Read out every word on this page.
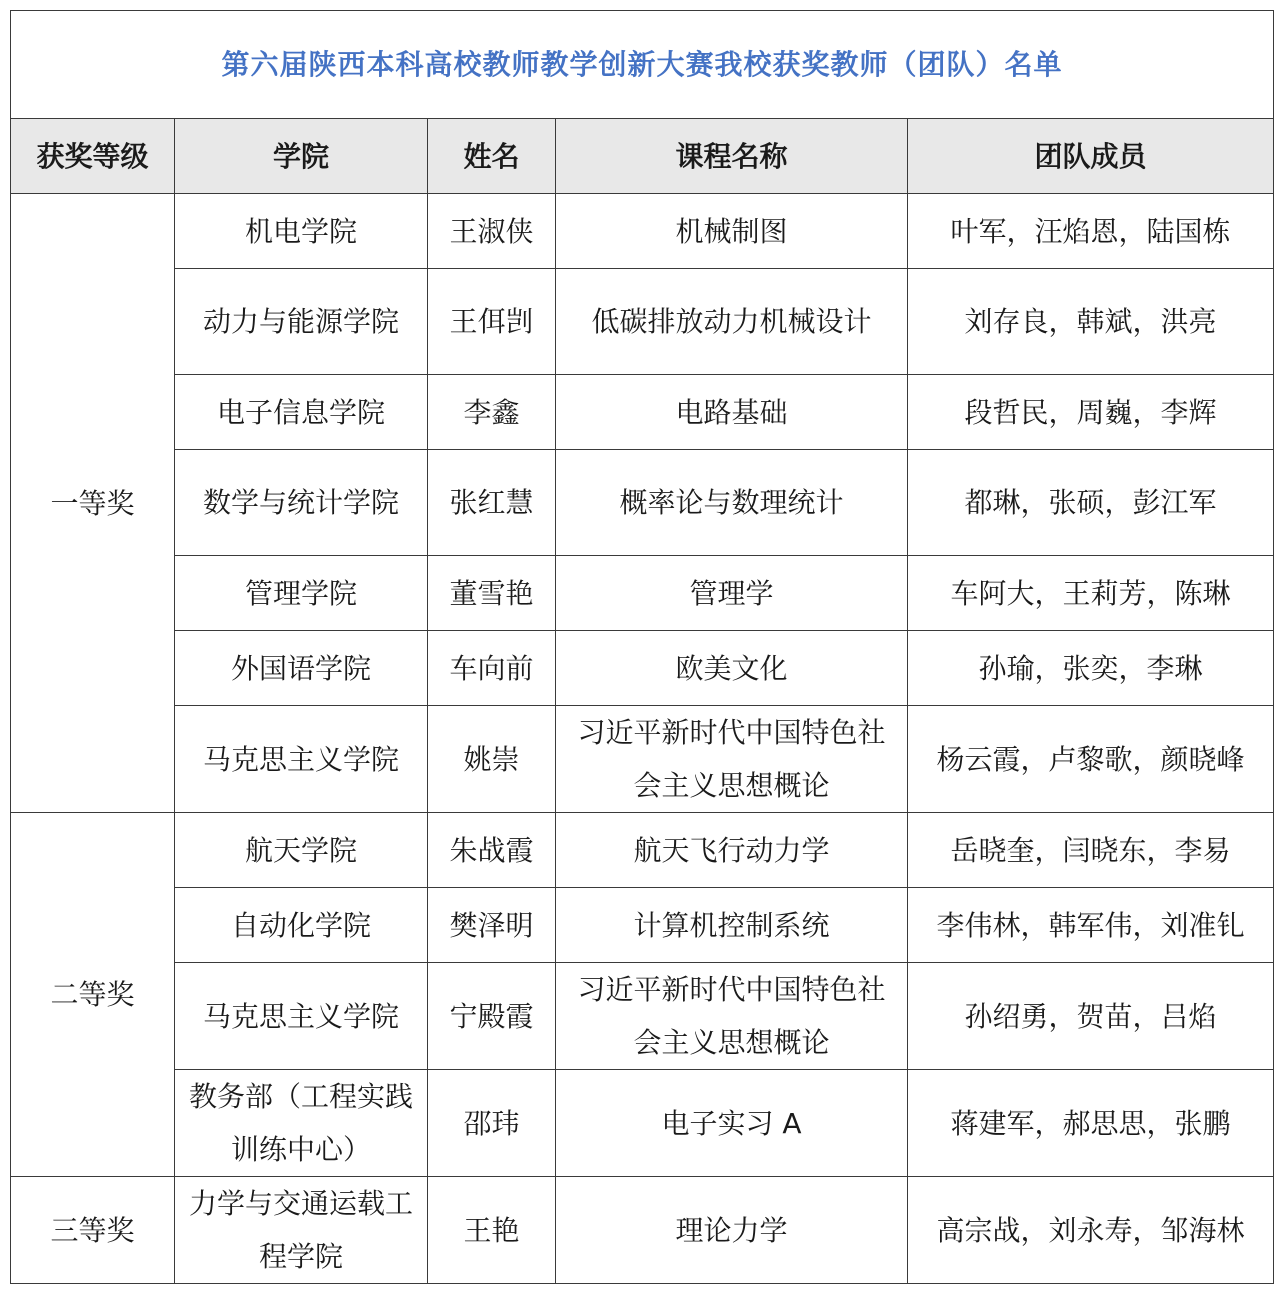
第六届陕西本科高校教师教学创新大赛我校获奖教师（团队）名单				
获奖等级	学院	姓名	课程名称	团队成员
一等奖	机电学院	王淑侠	机械制图	叶军，汪焰恩，陆国栋
	动力与能源学院	王佴剀	低碳排放动力机械设计	刘存良，韩斌，洪亮
	电子信息学院	李鑫	电路基础	段哲民，周巍，李辉
	数学与统计学院	张红慧	概率论与数理统计	都琳，张硕，彭江军
	管理学院	董雪艳	管理学	车阿大，王莉芳，陈琳
	外国语学院	车向前	欧美文化	孙瑜，张奕，李琳
	马克思主义学院	姚崇	习近平新时代中国特色社会主义思想概论	杨云霞，卢黎歌，颜晓峰
二等奖	航天学院	朱战霞	航天飞行动力学	岳晓奎，闫晓东，李易
	自动化学院	樊泽明	计算机控制系统	李伟林，韩军伟，刘准钆
	马克思主义学院	宁殿霞	习近平新时代中国特色社会主义思想概论	孙绍勇，贺苗，吕焰
	教务部（工程实践训练中心）	邵玮	电子实习 A	蒋建军，郝思思，张鹏
三等奖	力学与交通运载工程学院	王艳	理论力学	高宗战，刘永寿，邹海林
